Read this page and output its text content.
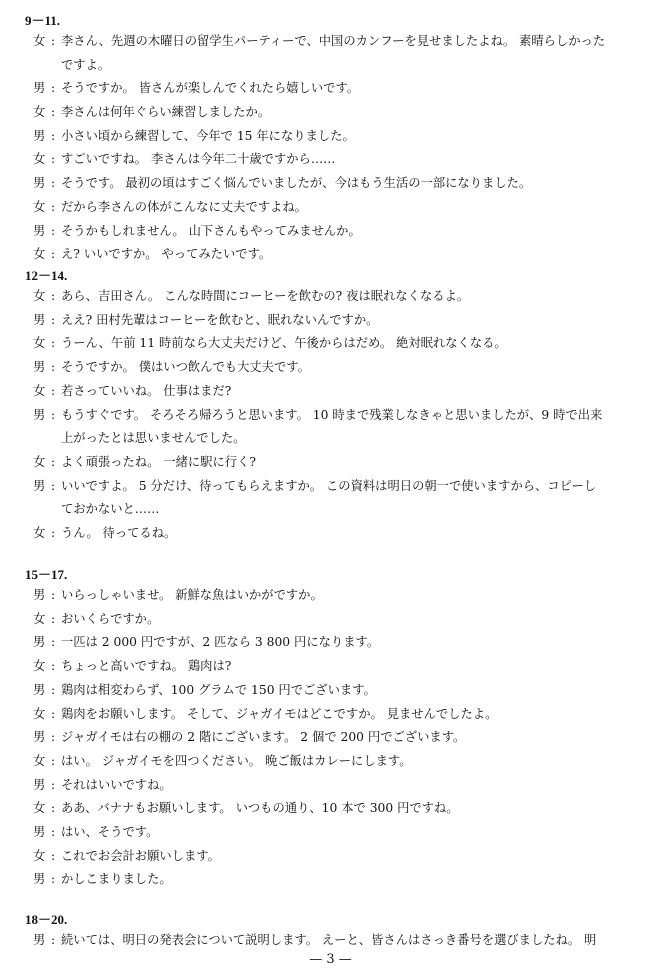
9－11.
女 : 李さん、先週の木曜日の留学生パーティーで、中国のカンフーを見せましたよね。 素晴らしかった
ですよ。
男 : そうですか。 皆さんが楽しんでくれたら嬉しいです。
女 : 李さんは何年ぐらい練習しましたか。
男 : 小さい頃から練習して、今年で 15 年になりました。
女 : すごいですね。 李さんは今年二十歳ですから……
男 : そうです。 最初の頃はすごく悩んでいましたが、今はもう生活の一部になりました。
女 : だから李さんの体がこんなに丈夫ですよね。
男 : そうかもしれません。 山下さんもやってみませんか。
女 : え? いいですか。 やってみたいです。
12－14.
女 : あら、吉田さん。 こんな時間にコーヒーを飲むの? 夜は眠れなくなるよ。
男 : ええ? 田村先輩はコーヒーを飲むと、眠れないんですか。
女 : うーん、午前 11 時前なら大丈夫だけど、午後からはだめ。 絶対眠れなくなる。
男 : そうですか。 僕はいつ飲んでも大丈夫です。
女 : 若さっていいね。 仕事はまだ?
男 : もうすぐです。 そろそろ帰ろうと思います。 10 時まで残業しなきゃと思いましたが、9 時で出来
上がったとは思いませんでした。
女 : よく頑張ったね。 一緒に駅に行く?
男 : いいですよ。 5 分だけ、待ってもらえますか。 この資料は明日の朝一で使いますから、コピーし
ておかないと……
女 : うん。 待ってるね。
15－17.
男 : いらっしゃいませ。 新鮮な魚はいかがですか。
女 : おいくらですか。
男 : 一匹は 2 000 円ですが、2 匹なら 3 800 円になります。
女 : ちょっと高いですね。 鶏肉は?
男 : 鶏肉は相変わらず、100 グラムで 150 円でございます。
女 : 鶏肉をお願いします。 そして、ジャガイモはどこですか。 見ませんでしたよ。
男 : ジャガイモは右の棚の 2 階にございます。 2 個で 200 円でございます。
女 : はい。 ジャガイモを四つください。 晩ご飯はカレーにします。
男 : それはいいですね。
女 : ああ、バナナもお願いします。 いつもの通り、10 本で 300 円ですね。
男 : はい、そうです。
女 : これでお会計お願いします。
男 : かしこまりました。
18－20.
男 : 続いては、明日の発表会について説明します。 えーと、皆さんはさっき番号を選びましたね。 明
— 3 —
